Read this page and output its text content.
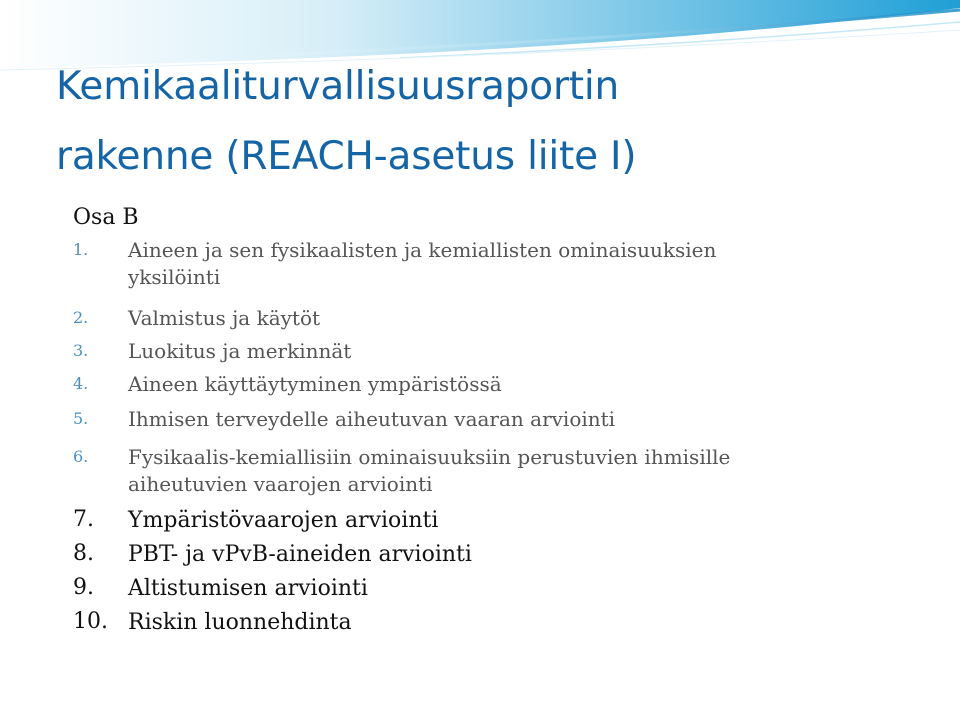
Kemikaaliturvallisuusraportin
rakenne (REACH-asetus liite I)
Osa B
1.	Aineen ja sen fysikaalisten ja kemiallisten ominaisuuksien
yksilöinti
2.	Valmistus ja käytöt
3.	Luokitus ja merkinnät
4.	Aineen käyttäytyminen ympäristössä
5.	Ihmisen terveydelle aiheutuvan vaaran arviointi
6.	Fysikaalis-kemiallisiin ominaisuuksiin perustuvien ihmisille
aiheutuvien vaarojen arviointi
7.	Ympäristövaarojen arviointi
8.	PBT- ja vPvB-aineiden arviointi
9.	Altistumisen arviointi
10. Riskin luonnehdinta
